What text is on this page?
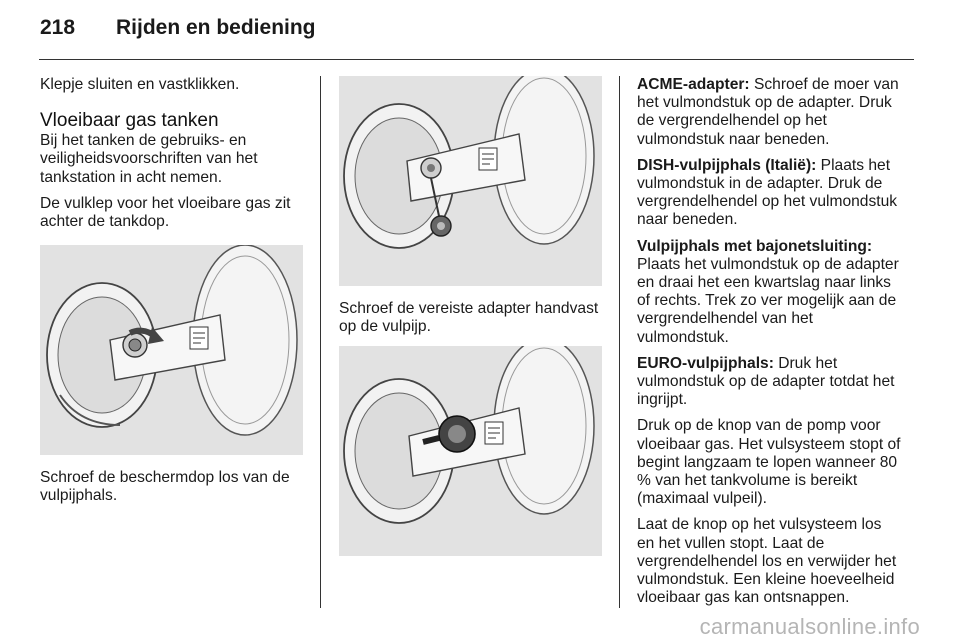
218	Rijden en bediening

Klepje sluiten en vastklikken.

Vloeibaar gas tanken

Bij het tanken de gebruiks- en veiligheidsvoorschriften van het tankstation in acht nemen.

De vulklep voor het vloeibare gas zit achter de tankdop.

Schroef de beschermdop los van de vulpijphals.

Schroef de vereiste adapter handvast op de vulpijp.

ACME-adapter: Schroef de moer van het vulmondstuk op de adapter. Druk de vergrendelhendel op het vulmondstuk naar beneden.

DISH-vulpijphals (Italië): Plaats het vulmondstuk in de adapter. Druk de vergrendelhendel op het vulmondstuk naar beneden.

Vulpijphals met bajonetsluiting:
Plaats het vulmondstuk op de adapter en draai het een kwartslag naar links of rechts. Trek zo ver mogelijk aan de vergrendelhendel van het vulmondstuk.

EURO-vulpijphals: Druk het vulmondstuk op de adapter totdat het ingrijpt.

Druk op de knop van de pomp voor vloeibaar gas. Het vulsysteem stopt of begint langzaam te lopen wanneer 80 % van het tankvolume is bereikt (maximaal vulpeil).

Laat de knop op het vulsysteem los en het vullen stopt. Laat de vergrendelhendel los en verwijder het vulmondstuk. Een kleine hoeveelheid vloeibaar gas kan ontsnappen.

carmanualsonline.info
